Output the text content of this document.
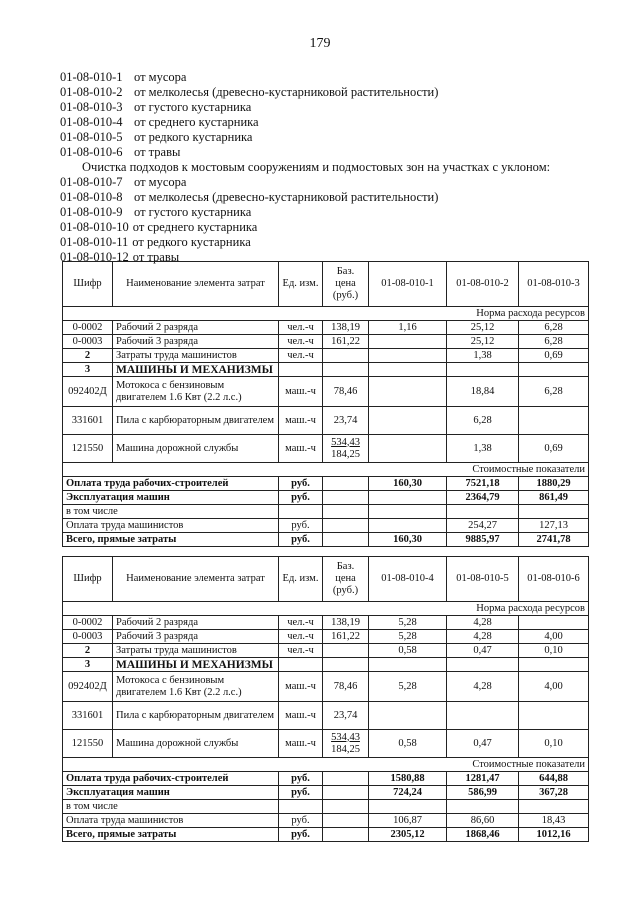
179
01-08-010-1 от мусора
01-08-010-2 от мелколесья (древесно-кустарниковой растительности)
01-08-010-3 от густого кустарника
01-08-010-4 от среднего кустарника
01-08-010-5 от редкого кустарника
01-08-010-6 от травы
Очистка подходов к мостовым сооружениям и подмостовых зон на участках с уклоном:
01-08-010-7 от мусора
01-08-010-8 от мелколесья (древесно-кустарниковой растительности)
01-08-010-9 от густого кустарника
01-08-010-10 от среднего кустарника
01-08-010-11 от редкого кустарника
01-08-010-12 от травы
Шифр	Наименование элемента затрат	Ед. изм.	Баз. цена (руб.)	01-08-010-1	01-08-010-2	01-08-010-3
Норма расхода ресурсов						
0-0002	Рабочий 2 разряда	чел.-ч	138,19	1,16	25,12	6,28
0-0003	Рабочий 3 разряда	чел.-ч	161,22		25,12	6,28
2	Затраты труда машинистов	чел.-ч			1,38	0,69
3	МАШИНЫ И МЕХАНИЗМЫ					
092402Д	Мотокоса с бензиновым двигателем 1.6 Квт (2.2 л.с.)	маш.-ч	78,46		18,84	6,28
331601	Пила с карбюраторным двигателем	маш.-ч	23,74		6,28	
121550	Машина дорожной службы	маш.-ч	534,43
184,25		1,38	0,69
Стоимостные показатели						
Оплата труда рабочих-строителей		руб.		160,30	7521,18	1880,29
Эксплуатация машин		руб.			2364,79	861,49
в том числе						
Оплата труда машинистов		руб.			254,27	127,13
Всего, прямые затраты		руб.		160,30	9885,97	2741,78
Шифр	Наименование элемента затрат	Ед. изм.	Баз. цена (руб.)	01-08-010-4	01-08-010-5	01-08-010-6
Норма расхода ресурсов						
0-0002	Рабочий 2 разряда	чел.-ч	138,19	5,28	4,28	
0-0003	Рабочий 3 разряда	чел.-ч	161,22	5,28	4,28	4,00
2	Затраты труда машинистов	чел.-ч		0,58	0,47	0,10
3	МАШИНЫ И МЕХАНИЗМЫ					
092402Д	Мотокоса с бензиновым двигателем 1.6 Квт (2.2 л.с.)	маш.-ч	78,46	5,28	4,28	4,00
331601	Пила с карбюраторным двигателем	маш.-ч	23,74			
121550	Машина дорожной службы	маш.-ч	534,43
184,25	0,58	0,47	0,10
Стоимостные показатели						
Оплата труда рабочих-строителей		руб.		1580,88	1281,47	644,88
Эксплуатация машин		руб.		724,24	586,99	367,28
в том числе						
Оплата труда машинистов		руб.		106,87	86,60	18,43
Всего, прямые затраты		руб.		2305,12	1868,46	1012,16
